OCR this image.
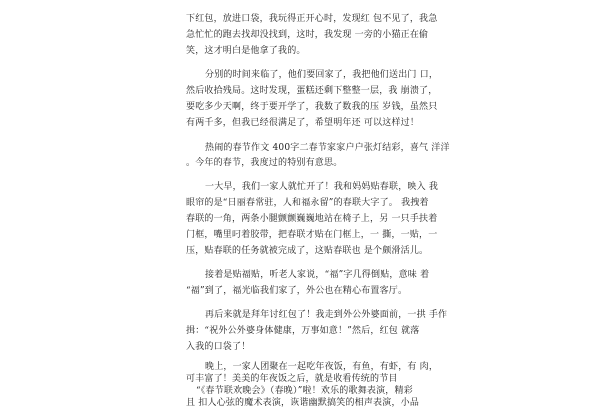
下红包，放进口袋，我玩得正开心时，发现红 包不见了，我急
急忙忙的跑去找却没找到，这时，我发现 一旁的小猫正在偷
笑，这才明白是他拿了我的。
分别的时间来临了，他们要回家了，我把他们送出门 口，
然后收拾残局。这时发现，蛋糕还剩下整整一层，我 崩溃了，
要吃多少天啊，终于要开学了，我数了数我的压 岁钱，虽然只
有两千多，但我已经很满足了，希望明年还 可以这样过！
热闹的春节作文 400字二春节家家户户张灯结彩，喜气 洋洋
。今年的春节，我度过的特别有意思。
一大早，我们一家人就忙开了！我和妈妈贴春联，映入 我
眼帘的是“日丽春常驻，人和福永留”的春联大字了。 我拽着
春联的一角，两条小腿颤颤巍巍地站在椅子上，另 一只手扶着
门框，嘴里叼着胶带，把春联才贴在门框上，一 撕，一贴，一
压，贴春联的任务就被完成了，这贴春联也 是个颇滑活儿。
接着是贴福贴，听老人家说，“福”字几得倒贴，意味 着
“福”到了，福光临我们家了，外公也在精心布置客厅。
再后来就是拜年讨红包了！我走到外公外婆面前，一拱 手作
揖：“祝外公外婆身体健康，万事如意！”然后，红包 就落
入我的口袋了！
晚上，一家人团聚在一起吃年夜饭，有鱼，有虾，有 肉，
可丰富了！美美的年夜饭之后，就是收看传统的节目
“《春节联欢晚会》（春晚）”啦！欢乐的歌舞表演，精彩
且 扣人心弦的魔术表演，诙谐幽默搞笑的相声表演，小品
